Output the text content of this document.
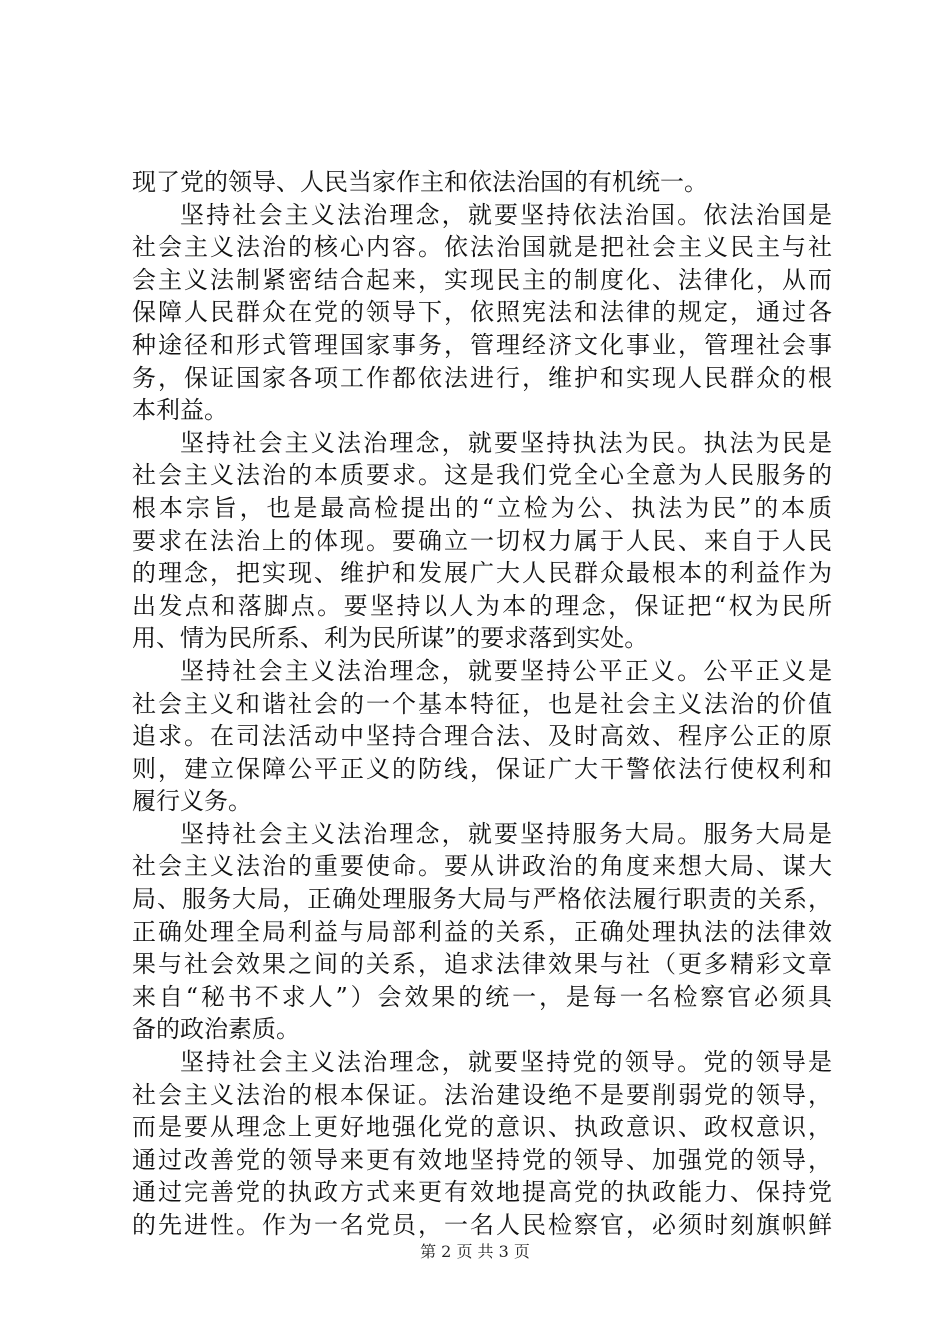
现了党的领导、人民当家作主和依法治国的有机统一。
坚持社会主义法治理念，就要坚持依法治国。依法治国是
社会主义法治的核心内容。依法治国就是把社会主义民主与社
会主义法制紧密结合起来，实现民主的制度化、法律化，从而
保障人民群众在党的领导下，依照宪法和法律的规定，通过各
种途径和形式管理国家事务，管理经济文化事业，管理社会事
务，保证国家各项工作都依法进行，维护和实现人民群众的根
本利益。
坚持社会主义法治理念，就要坚持执法为民。执法为民是
社会主义法治的本质要求。这是我们党全心全意为人民服务的
根本宗旨，也是最高检提出的“立检为公、执法为民”的本质
要求在法治上的体现。要确立一切权力属于人民、来自于人民
的理念，把实现、维护和发展广大人民群众最根本的利益作为
出发点和落脚点。要坚持以人为本的理念，保证把“权为民所
用、情为民所系、利为民所谋”的要求落到实处。
坚持社会主义法治理念，就要坚持公平正义。公平正义是
社会主义和谐社会的一个基本特征，也是社会主义法治的价值
追求。在司法活动中坚持合理合法、及时高效、程序公正的原
则，建立保障公平正义的防线，保证广大干警依法行使权利和
履行义务。
坚持社会主义法治理念，就要坚持服务大局。服务大局是
社会主义法治的重要使命。要从讲政治的角度来想大局、谋大
局、服务大局，正确处理服务大局与严格依法履行职责的关系，
正确处理全局利益与局部利益的关系，正确处理执法的法律效
果与社会效果之间的关系，追求法律效果与社（更多精彩文章
来自“秘书不求人”）会效果的统一，是每一名检察官必须具
备的政治素质。
坚持社会主义法治理念，就要坚持党的领导。党的领导是
社会主义法治的根本保证。法治建设绝不是要削弱党的领导，
而是要从理念上更好地强化党的意识、执政意识、政权意识，
通过改善党的领导来更有效地坚持党的领导、加强党的领导，
通过完善党的执政方式来更有效地提高党的执政能力、保持党
的先进性。作为一名党员，一名人民检察官，必须时刻旗帜鲜
第 2 页 共 3 页
